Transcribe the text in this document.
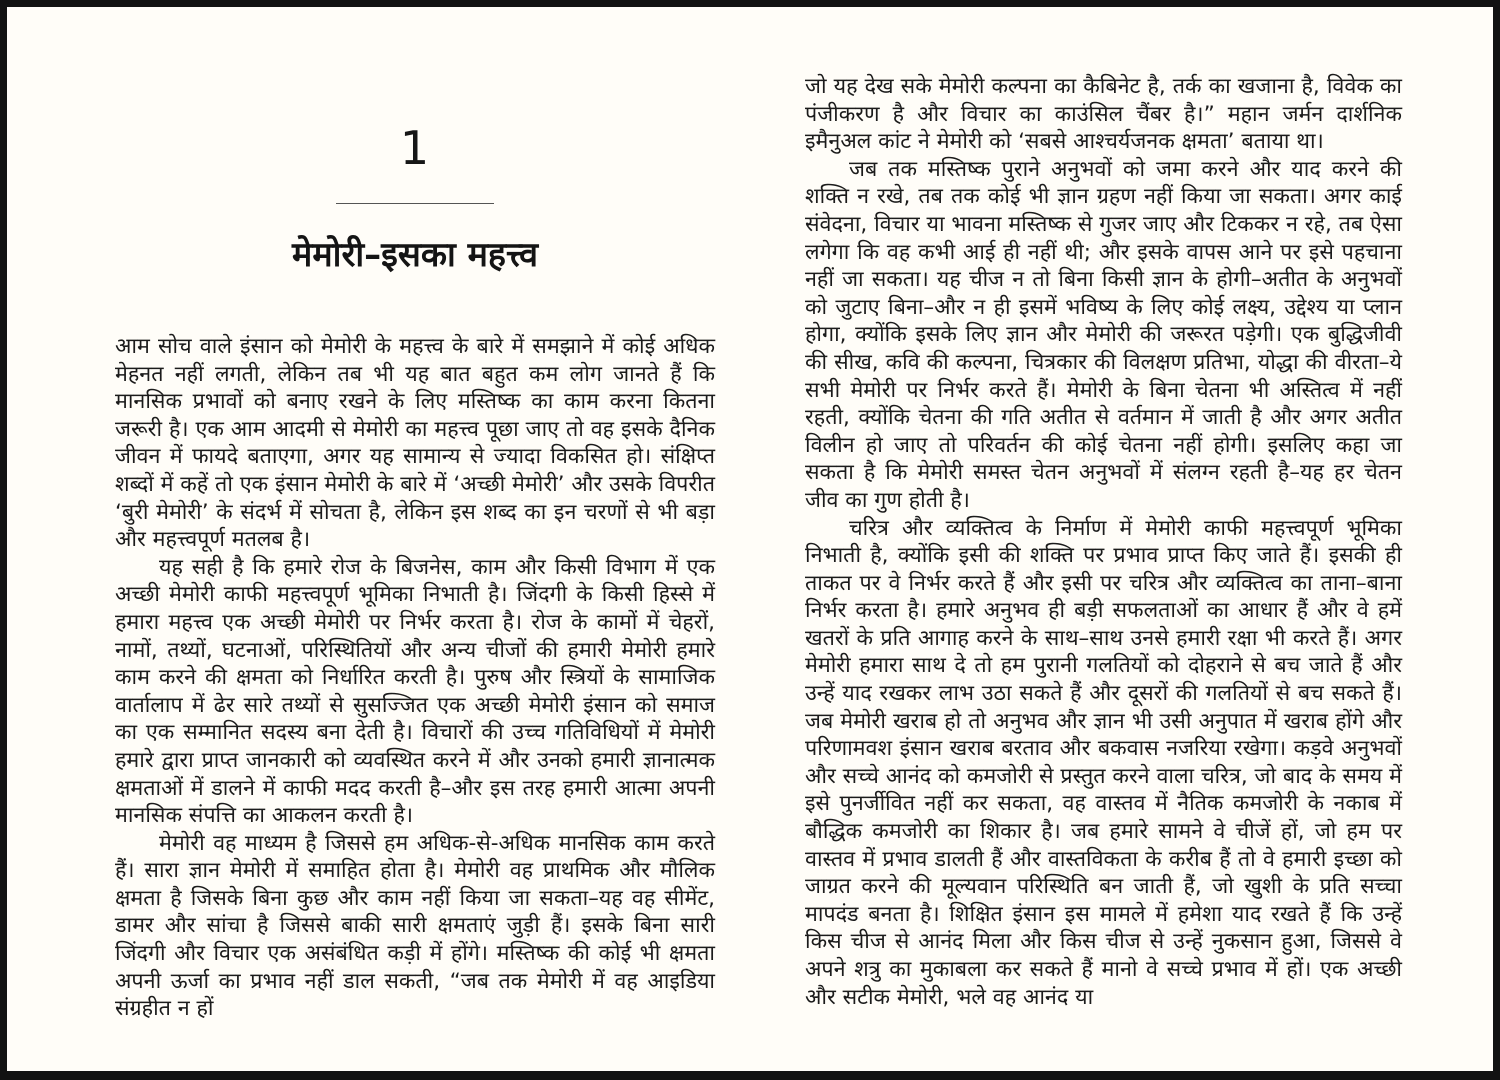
1
मेमोरी–इसका महत्त्व

आम सोच वाले इंसान को मेमोरी के महत्त्व के बारे में समझाने में कोई अधिक मेहनत नहीं लगती, लेकिन तब भी यह बात बहुत कम लोग जानते हैं कि मानसिक प्रभावों को बनाए रखने के लिए मस्तिष्क का काम करना कितना जरूरी है। एक आम आदमी से मेमोरी का महत्त्व पूछा जाए तो वह इसके दैनिक जीवन में फायदे बताएगा, अगर यह सामान्य से ज्यादा विकसित हो। संक्षिप्त शब्दों में कहें तो एक इंसान मेमोरी के बारे में ‘अच्छी मेमोरी’ और उसके विपरीत ‘बुरी मेमोरी’ के संदर्भ में सोचता है, लेकिन इस शब्द का इन चरणों से भी बड़ा और महत्त्वपूर्ण मतलब है।

यह सही है कि हमारे रोज के बिजनेस, काम और किसी विभाग में एक अच्छी मेमोरी काफी महत्त्वपूर्ण भूमिका निभाती है। जिंदगी के किसी हिस्से में हमारा महत्त्व एक अच्छी मेमोरी पर निर्भर करता है। रोज के कामों में चेहरों, नामों, तथ्यों, घटनाओं, परिस्थितियों और अन्य चीजों की हमारी मेमोरी हमारे काम करने की क्षमता को निर्धारित करती है। पुरुष और स्त्रियों के सामाजिक वार्तालाप में ढेर सारे तथ्यों से सुसज्जित एक अच्छी मेमोरी इंसान को समाज का एक सम्मानित सदस्य बना देती है। विचारों की उच्च गतिविधियों में मेमोरी हमारे द्वारा प्राप्त जानकारी को व्यवस्थित करने में और उनको हमारी ज्ञानात्मक क्षमताओं में डालने में काफी मदद करती है–और इस तरह हमारी आत्मा अपनी मानसिक संपत्ति का आकलन करती है।

मेमोरी वह माध्यम है जिससे हम अधिक-से-अधिक मानसिक काम करते हैं। सारा ज्ञान मेमोरी में समाहित होता है। मेमोरी वह प्राथमिक और मौलिक क्षमता है जिसके बिना कुछ और काम नहीं किया जा सकता–यह वह सीमेंट, डामर और सांचा है जिससे बाकी सारी क्षमताएं जुड़ी हैं। इसके बिना सारी जिंदगी और विचार एक असंबंधित कड़ी में होंगे। मस्तिष्क की कोई भी क्षमता अपनी ऊर्जा का प्रभाव नहीं डाल सकती, “जब तक मेमोरी में वह आइडिया संग्रहीत न हों

जो यह देख सके मेमोरी कल्पना का कैबिनेट है, तर्क का खजाना है, विवेक का पंजीकरण है और विचार का काउंसिल चैंबर है।” महान जर्मन दार्शनिक इमैनुअल कांट ने मेमोरी को ‘सबसे आश्चर्यजनक क्षमता’ बताया था।

जब तक मस्तिष्क पुराने अनुभवों को जमा करने और याद करने की शक्ति न रखे, तब तक कोई भी ज्ञान ग्रहण नहीं किया जा सकता। अगर काई संवेदना, विचार या भावना मस्तिष्क से गुजर जाए और टिककर न रहे, तब ऐसा लगेगा कि वह कभी आई ही नहीं थी; और इसके वापस आने पर इसे पहचाना नहीं जा सकता। यह चीज न तो बिना किसी ज्ञान के होगी–अतीत के अनुभवों को जुटाए बिना–और न ही इसमें भविष्य के लिए कोई लक्ष्य, उद्देश्य या प्लान होगा, क्योंकि इसके लिए ज्ञान और मेमोरी की जरूरत पड़ेगी। एक बुद्धिजीवी की सीख, कवि की कल्पना, चित्रकार की विलक्षण प्रतिभा, योद्धा की वीरता–ये सभी मेमोरी पर निर्भर करते हैं। मेमोरी के बिना चेतना भी अस्तित्व में नहीं रहती, क्योंकि चेतना की गति अतीत से वर्तमान में जाती है और अगर अतीत विलीन हो जाए तो परिवर्तन की कोई चेतना नहीं होगी। इसलिए कहा जा सकता है कि मेमोरी समस्त चेतन अनुभवों में संलग्न रहती है–यह हर चेतन जीव का गुण होती है।

चरित्र और व्यक्तित्व के निर्माण में मेमोरी काफी महत्त्वपूर्ण भूमिका निभाती है, क्योंकि इसी की शक्ति पर प्रभाव प्राप्त किए जाते हैं। इसकी ही ताकत पर वे निर्भर करते हैं और इसी पर चरित्र और व्यक्तित्व का ताना–बाना निर्भर करता है। हमारे अनुभव ही बड़ी सफलताओं का आधार हैं और वे हमें खतरों के प्रति आगाह करने के साथ–साथ उनसे हमारी रक्षा भी करते हैं। अगर मेमोरी हमारा साथ दे तो हम पुरानी गलतियों को दोहराने से बच जाते हैं और उन्हें याद रखकर लाभ उठा सकते हैं और दूसरों की गलतियों से बच सकते हैं। जब मेमोरी खराब हो तो अनुभव और ज्ञान भी उसी अनुपात में खराब होंगे और परिणामवश इंसान खराब बरताव और बकवास नजरिया रखेगा। कड़वे अनुभवों और सच्चे आनंद को कमजोरी से प्रस्तुत करने वाला चरित्र, जो बाद के समय में इसे पुनर्जीवित नहीं कर सकता, वह वास्तव में नैतिक कमजोरी के नकाब में बौद्धिक कमजोरी का शिकार है। जब हमारे सामने वे चीजें हों, जो हम पर वास्तव में प्रभाव डालती हैं और वास्तविकता के करीब हैं तो वे हमारी इच्छा को जाग्रत करने की मूल्यवान परिस्थिति बन जाती हैं, जो खुशी के प्रति सच्चा मापदंड बनता है। शिक्षित इंसान इस मामले में हमेशा याद रखते हैं कि उन्हें किस चीज से आनंद मिला और किस चीज से उन्हें नुकसान हुआ, जिससे वे अपने शत्रु का मुकाबला कर सकते हैं मानो वे सच्चे प्रभाव में हों। एक अच्छी और सटीक मेमोरी, भले वह आनंद या
